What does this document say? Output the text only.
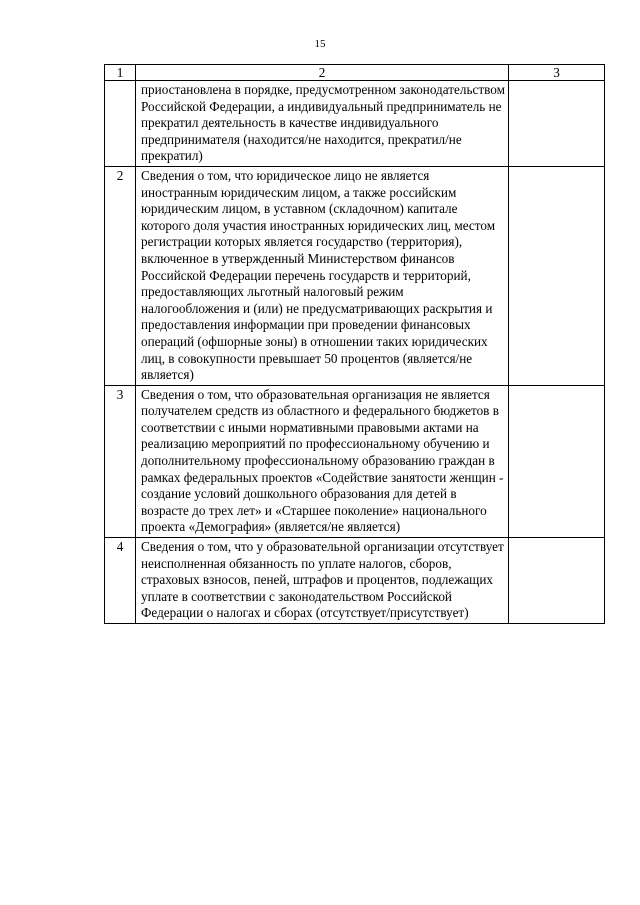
15
1	2	3
	приостановлена в порядке, предусмотренном законодательством Российской Федерации, а индивидуальный предприниматель не прекратил деятельность в качестве индивидуального предпринимателя (находится/не находится, прекратил/не прекратил)	
2	Сведения о том, что юридическое лицо не является иностранным юридическим лицом, а также российским юридическим лицом, в уставном (складочном) капитале которого доля участия иностранных юридических лиц, местом регистрации которых является государство (территория), включенное в утвержденный Министерством финансов Российской Федерации перечень государств и территорий, предоставляющих льготный налоговый режим налогообложения и (или) не предусматривающих раскрытия и предоставления информации при проведении финансовых операций (офшорные зоны) в отношении таких юридических лиц, в совокупности превышает 50 процентов (является/не является)	
3	Сведения о том, что образовательная организация не является получателем средств из областного и федерального бюджетов в соответствии с иными нормативными правовыми актами на реализацию мероприятий по профессиональному обучению и дополнительному профессиональному образованию граждан в рамках федеральных проектов «Содействие занятости женщин - создание условий дошкольного образования для детей в возрасте до трех лет» и «Старшее поколение» национального проекта «Демография» (является/не является)	
4	Сведения о том, что у образовательной организации отсутствует неисполненная обязанность по уплате налогов, сборов, страховых взносов, пеней, штрафов и процентов, подлежащих уплате в соответствии с законодательством Российской Федерации о налогах и сборах (отсутствует/присутствует)	
